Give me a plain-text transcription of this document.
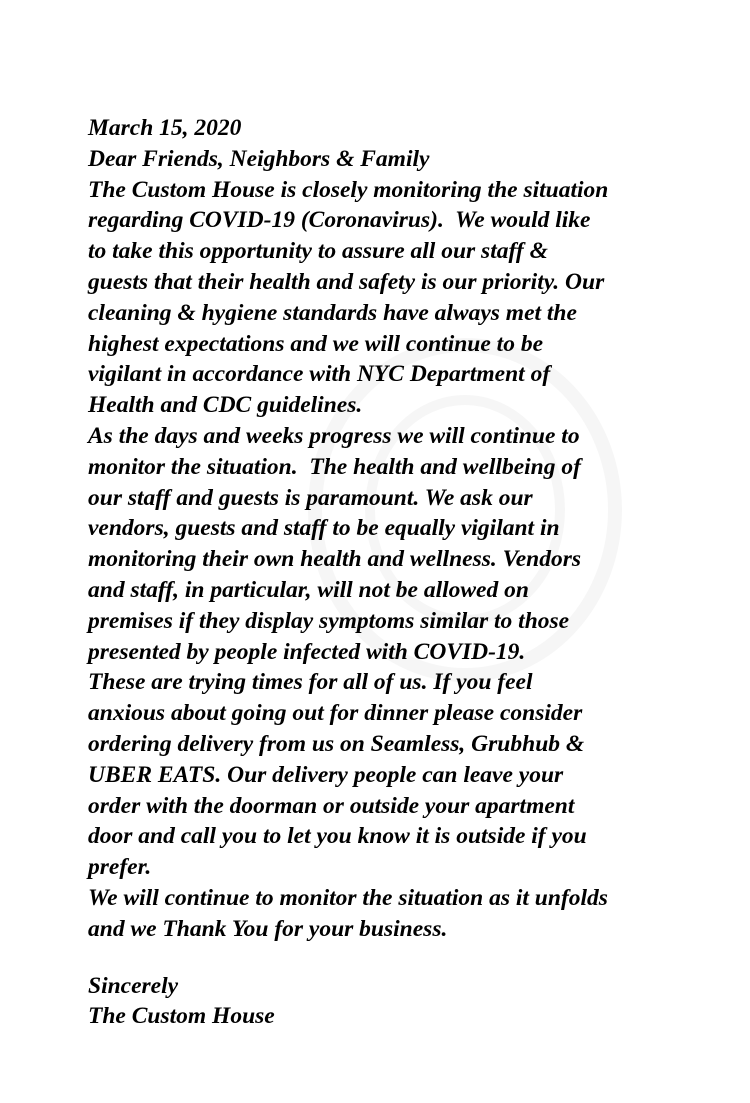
March 15, 2020
Dear Friends, Neighbors & Family
The Custom House is closely monitoring the situation
regarding COVID-19 (Coronavirus).  We would like
to take this opportunity to assure all our staff &
guests that their health and safety is our priority. Our
cleaning & hygiene standards have always met the
highest expectations and we will continue to be
vigilant in accordance with NYC Department of
Health and CDC guidelines.
As the days and weeks progress we will continue to
monitor the situation.  The health and wellbeing of
our staff and guests is paramount. We ask our
vendors, guests and staff to be equally vigilant in
monitoring their own health and wellness. Vendors
and staff, in particular, will not be allowed on
premises if they display symptoms similar to those
presented by people infected with COVID-19.
These are trying times for all of us. If you feel
anxious about going out for dinner please consider
ordering delivery from us on Seamless, Grubhub &
UBER EATS. Our delivery people can leave your
order with the doorman or outside your apartment
door and call you to let you know it is outside if you
prefer.
We will continue to monitor the situation as it unfolds
and we Thank You for your business.
Sincerely
The Custom House
